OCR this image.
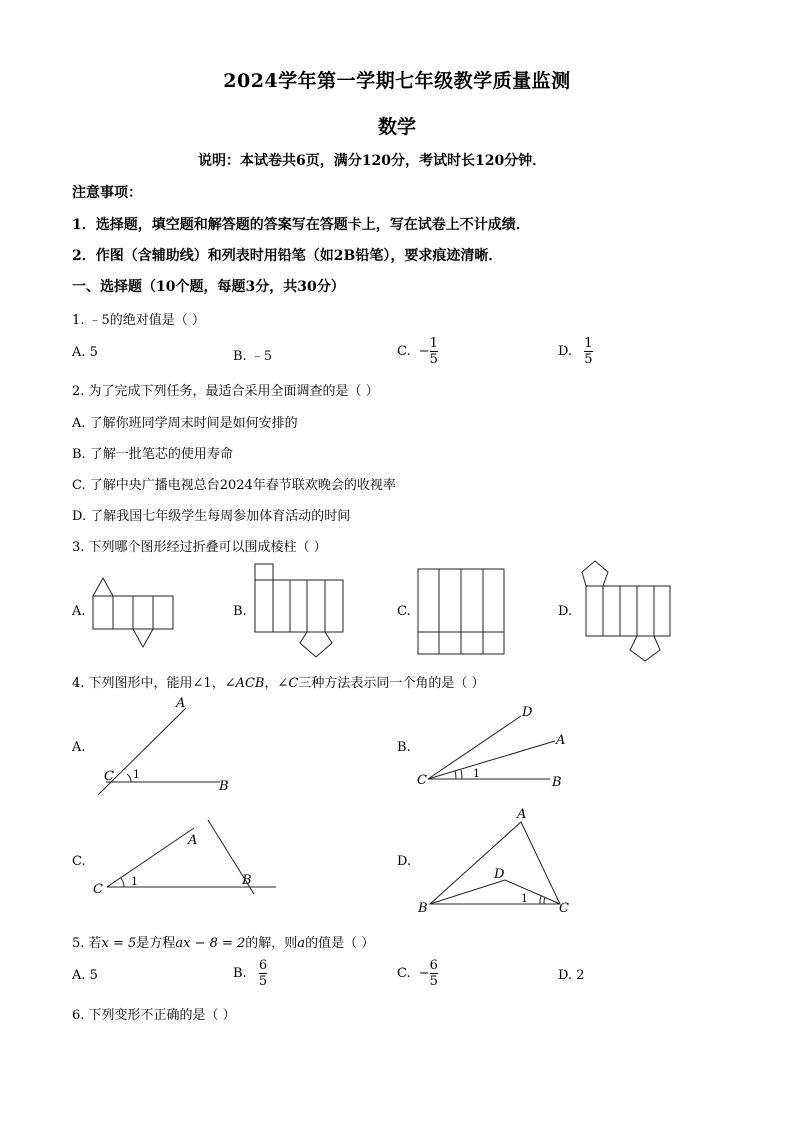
2024学年第一学期七年级教学质量监测
数学
说明：本试卷共6页，满分120分，考试时长120分钟．
注意事项：
1．选择题，填空题和解答题的答案写在答题卡上，写在试卷上不计成绩．
2．作图（含辅助线）和列表时用铅笔（如2B铅笔），要求痕迹清晰．
一、选择题（10个题，每题3分，共30分）
1. ﹣5的绝对值是（ ）
A. 5	B. ﹣5	C. − $\frac{1}{5}$	D. $\frac{1}{5}$
2. 为了完成下列任务，最适合采用全面调查的是（ ）
A. 了解你班同学周末时间是如何安排的
B. 了解一批笔芯的使用寿命
C. 了解中央广播电视总台2024年春节联欢晚会的收视率
D. 了解我国七年级学生每周参加体育活动的时间
3. 下列哪个图形经过折叠可以围成棱柱（ ）
A.	B.	C.	D.
A
C
B
D
A
C	B
A
C
B
A
D
B	C
1	1
1
1
4. 下列图形中，能用∠1，∠ACB，∠C三种方法表示同一个角的是（ ）
A.	B.
C.	D.
5. 若x = 5是方程ax − 8 = 2的解，则a的值是（ ）
A. 5	B. $\frac{6}{5}$	C. − $\frac{6}{5}$	D. 2
6. 下列变形不正确的是（ ）
